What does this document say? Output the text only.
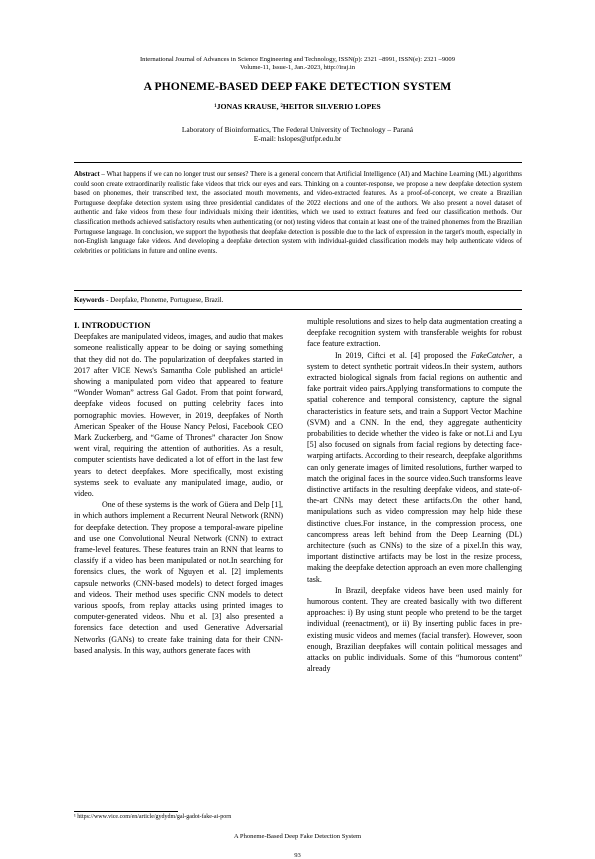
International Journal of Advances in Science Engineering and Technology, ISSN(p): 2321 –8991, ISSN(e): 2321 –9009
Volume-11, Issue-1, Jan.-2023, http://iraj.in
A PHONEME-BASED DEEP FAKE DETECTION SYSTEM
¹JONAS KRAUSE, ²HEITOR SILVERIO LOPES
Laboratory of Bioinformatics, The Federal University of Technology – Paraná
E-mail: hslopes@utfpr.edu.br
Abstract – What happens if we can no longer trust our senses? There is a general concern that Artificial Intelligence (AI) and Machine Learning (ML) algorithms could soon create extraordinarily realistic fake videos that trick our eyes and ears. Thinking on a counter-response, we propose a new deepfake detection system based on phonemes, their transcribed text, the associated mouth movements, and video-extracted features. As a proof-of-concept, we create a Brazilian Portuguese deepfake detection system using three presidential candidates of the 2022 elections and one of the authors. We also present a novel dataset of authentic and fake videos from these four individuals mixing their identities, which we used to extract features and feed our classification methods. Our classification methods achieved satisfactory results when authenticating (or not) testing videos that contain at least one of the trained phonemes from the Brazilian Portuguese language. In conclusion, we support the hypothesis that deepfake detection is possible due to the lack of expression in the target's mouth, especially in non-English language fake videos. And developing a deepfake detection system with individual-guided classification models may help authenticate videos of celebrities or politicians in future and online events.
Keywords - Deepfake, Phoneme, Portuguese, Brazil.

I. INTRODUCTION

Deepfakes are manipulated videos, images, and audio that makes someone realistically appear to be doing or saying something that they did not do. The popularization of deepfakes started in 2017 after VICE News's Samantha Cole published an article¹ showing a manipulated porn video that appeared to feature “Wonder Woman” actress Gal Gadot. From that point forward, deepfake videos focused on putting celebrity faces into pornographic movies. However, in 2019, deepfakes of North American Speaker of the House Nancy Pelosi, Facebook CEO Mark Zuckerberg, and “Game of Thrones” character Jon Snow went viral, requiring the attention of authorities. As a result, computer scientists have dedicated a lot of effort in the last few years to detect deepfakes. More specifically, most existing systems seek to evaluate any manipulated image, audio, or video.

One of these systems is the work of Güera and Delp [1], in which authors implement a Recurrent Neural Network (RNN) for deepfake detection. They propose a temporal-aware pipeline and use one Convolutional Neural Network (CNN) to extract frame-level features. These features train an RNN that learns to classify if a video has been manipulated or not.In searching for forensics clues, the work of Nguyen et al. [2] implements capsule networks (CNN-based models) to detect forged images and videos. Their method uses specific CNN models to detect various spoofs, from replay attacks using printed images to computer-generated videos. Nhu et al. [3] also presented a forensics face detection and used Generative Adversarial Networks (GANs) to create fake training data for their CNN-based analysis. In this way, authors generate faces with

multiple resolutions and sizes to help data augmentation creating a deepfake recognition system with transferable weights for robust face feature extraction.

In 2019, Ciftci et al. [4] proposed the FakeCatcher, a system to detect synthetic portrait videos.In their system, authors extracted biological signals from facial regions on authentic and fake portrait video pairs.Applying transformations to compute the spatial coherence and temporal consistency, capture the signal characteristics in feature sets, and train a Support Vector Machine (SVM) and a CNN. In the end, they aggregate authenticity probabilities to decide whether the video is fake or not.Li and Lyu [5] also focused on signals from facial regions by detecting face-warping artifacts. According to their research, deepfake algorithms can only generate images of limited resolutions, further warped to match the original faces in the source video.Such transforms leave distinctive artifacts in the resulting deepfake videos, and state-of-the-art CNNs may detect these artifacts.On the other hand, manipulations such as video compression may help hide these distinctive clues.For instance, in the compression process, one cancompress areas left behind from the Deep Learning (DL) architecture (such as CNNs) to the size of a pixel.In this way, important distinctive artifacts may be lost in the resize process, making the deepfake detection approach an even more challenging task.

In Brazil, deepfake videos have been used mainly for humorous content. They are created basically with two different approaches: i) By using stunt people who pretend to be the target individual (reenactment), or ii) By inserting public faces in pre-existing music videos and memes (facial transfer). However, soon enough, Brazilian deepfakes will contain political messages and attacks on public individuals. Some of this “humorous content” already

¹ https://www.vice.com/en/article/gydydm/gal-gadot-fake-ai-porn
A Phoneme-Based Deep Fake Detection System
93
